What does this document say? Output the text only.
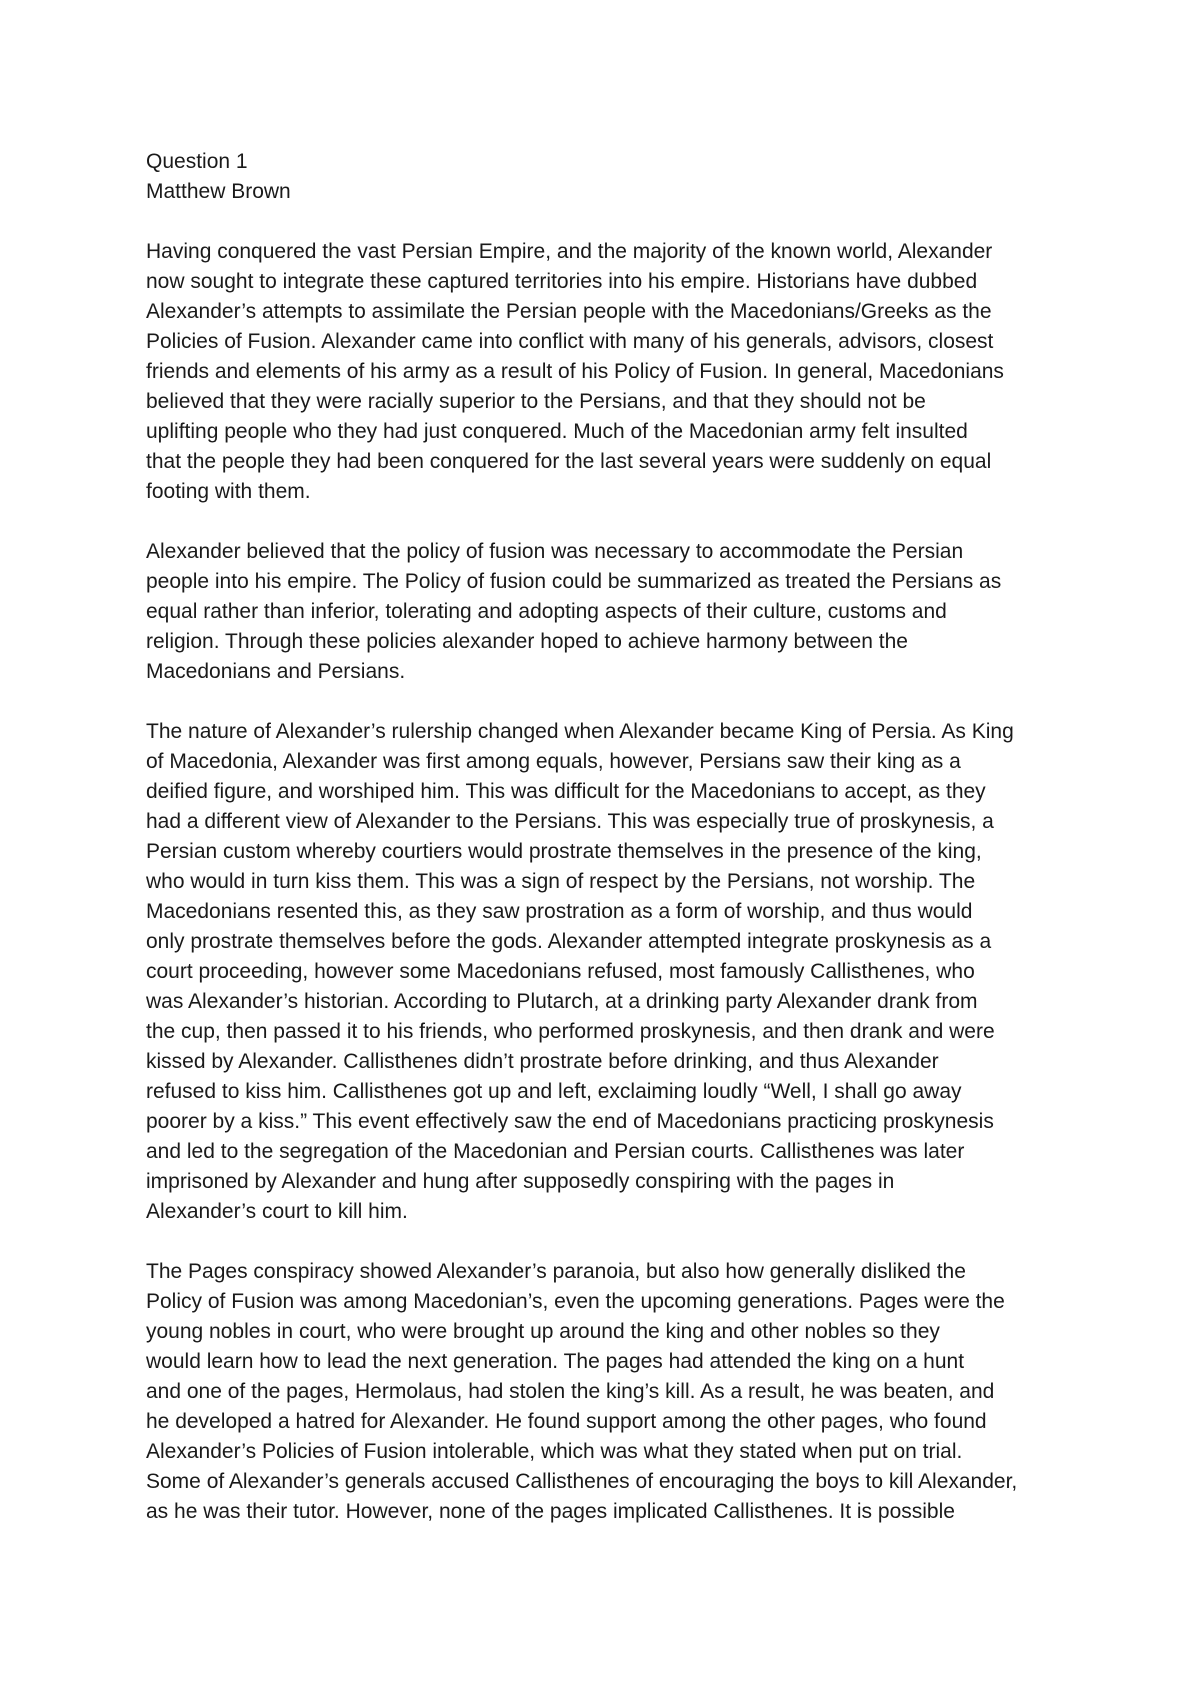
Question 1
Matthew Brown
Having conquered the vast Persian Empire, and the majority of the known world, Alexander
now sought to integrate these captured territories into his empire. Historians have dubbed
Alexander’s attempts to assimilate the Persian people with the Macedonians/Greeks as the
Policies of Fusion. Alexander came into conflict with many of his generals, advisors, closest
friends and elements of his army as a result of his Policy of Fusion. In general, Macedonians
believed that they were racially superior to the Persians, and that they should not be
uplifting people who they had just conquered. Much of the Macedonian army felt insulted
that the people they had been conquered for the last several years were suddenly on equal
footing with them.
Alexander believed that the policy of fusion was necessary to accommodate the Persian
people into his empire. The Policy of fusion could be summarized as treated the Persians as
equal rather than inferior, tolerating and adopting aspects of their culture, customs and
religion. Through these policies alexander hoped to achieve harmony between the
Macedonians and Persians.
The nature of Alexander’s rulership changed when Alexander became King of Persia. As King
of Macedonia, Alexander was first among equals, however, Persians saw their king as a
deified figure, and worshiped him. This was difficult for the Macedonians to accept, as they
had a different view of Alexander to the Persians. This was especially true of proskynesis, a
Persian custom whereby courtiers would prostrate themselves in the presence of the king,
who would in turn kiss them. This was a sign of respect by the Persians, not worship. The
Macedonians resented this, as they saw prostration as a form of worship, and thus would
only prostrate themselves before the gods. Alexander attempted integrate proskynesis as a
court proceeding, however some Macedonians refused, most famously Callisthenes, who
was Alexander’s historian. According to Plutarch, at a drinking party Alexander drank from
the cup, then passed it to his friends, who performed proskynesis, and then drank and were
kissed by Alexander. Callisthenes didn’t prostrate before drinking, and thus Alexander
refused to kiss him. Callisthenes got up and left, exclaiming loudly “Well, I shall go away
poorer by a kiss.” This event effectively saw the end of Macedonians practicing proskynesis
and led to the segregation of the Macedonian and Persian courts. Callisthenes was later
imprisoned by Alexander and hung after supposedly conspiring with the pages in
Alexander’s court to kill him.
The Pages conspiracy showed Alexander’s paranoia, but also how generally disliked the
Policy of Fusion was among Macedonian’s, even the upcoming generations. Pages were the
young nobles in court, who were brought up around the king and other nobles so they
would learn how to lead the next generation. The pages had attended the king on a hunt
and one of the pages, Hermolaus, had stolen the king’s kill. As a result, he was beaten, and
he developed a hatred for Alexander. He found support among the other pages, who found
Alexander’s Policies of Fusion intolerable, which was what they stated when put on trial.
Some of Alexander’s generals accused Callisthenes of encouraging the boys to kill Alexander,
as he was their tutor. However, none of the pages implicated Callisthenes. It is possible
